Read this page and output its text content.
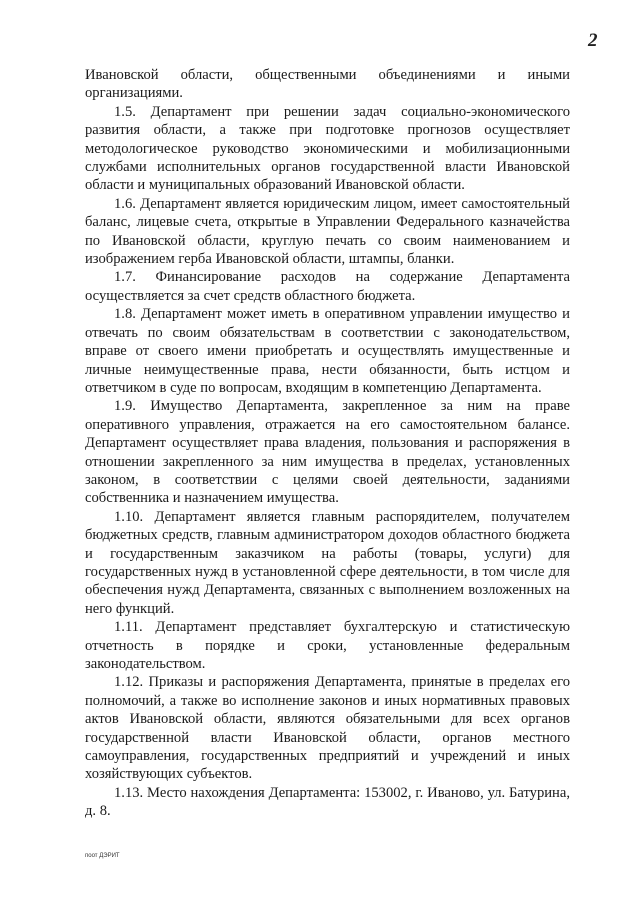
2

Ивановской области, общественными объединениями и иными организациями.

1.5. Департамент при решении задач социально-экономического развития области, а также при подготовке прогнозов осуществляет методологическое руководство экономическими и мобилизационными службами исполнительных органов государственной власти Ивановской области и муниципальных образований Ивановской области.

1.6. Департамент является юридическим лицом, имеет самостоятельный баланс, лицевые счета, открытые в Управлении Федерального казначейства по Ивановской области, круглую печать со своим наименованием и изображением герба Ивановской области, штампы, бланки.

1.7. Финансирование расходов на содержание Департамента осуществляется за счет средств областного бюджета.

1.8. Департамент может иметь в оперативном управлении имущество и отвечать по своим обязательствам в соответствии с законодательством, вправе от своего имени приобретать и осуществлять имущественные и личные неимущественные права, нести обязанности, быть истцом и ответчиком в суде по вопросам, входящим в компетенцию Департамента.

1.9. Имущество Департамента, закрепленное за ним на праве оперативного управления, отражается на его самостоятельном балансе. Департамент осуществляет права владения, пользования и распоряжения в отношении закрепленного за ним имущества в пределах, установленных законом, в соответствии с целями своей деятельности, заданиями собственника и назначением имущества.

1.10. Департамент является главным распорядителем, получателем бюджетных средств, главным администратором доходов областного бюджета и государственным заказчиком на работы (товары, услуги) для государственных нужд в установленной сфере деятельности, в том числе для обеспечения нужд Департамента, связанных с выполнением возложенных на него функций.

1.11. Департамент представляет бухгалтерскую и статистическую отчетность в порядке и сроки, установленные федеральным законодательством.

1.12. Приказы и распоряжения Департамента, принятые в пределах его полномочий, а также во исполнение законов и иных нормативных правовых актов Ивановской области, являются обязательными для всех органов государственной власти Ивановской области, органов местного самоуправления, государственных предприятий и учреждений и иных хозяйствующих субъектов.

1.13. Место нахождения Департамента: 153002, г. Иваново, ул. Батурина, д. 8.

поот ДЭРИТ
